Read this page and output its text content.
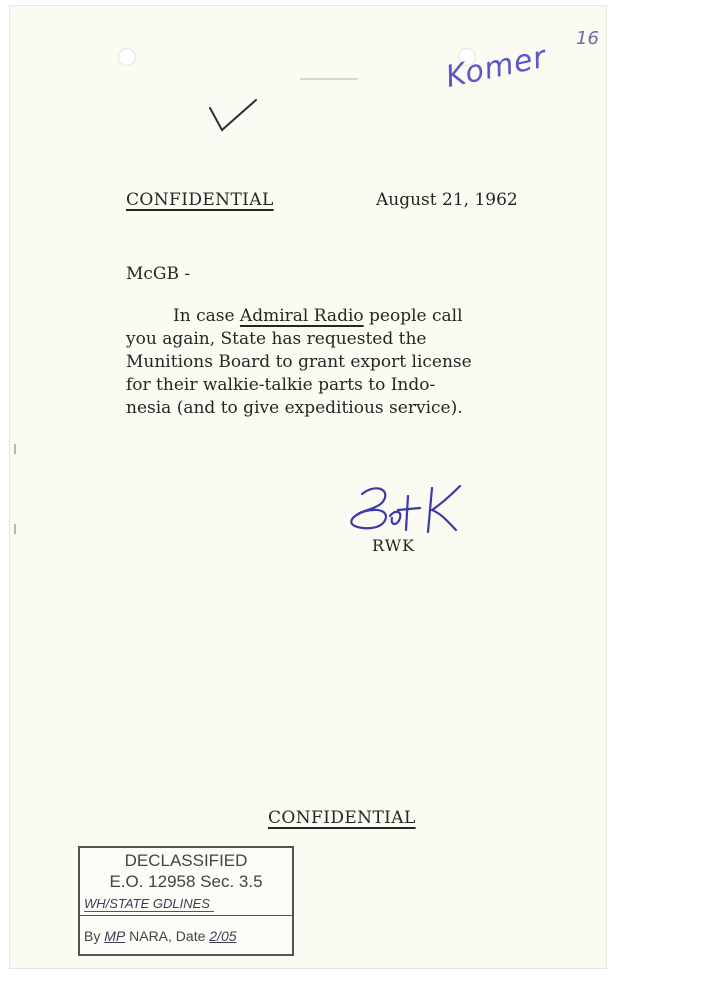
Komer
16
CONFIDENTIAL	August 21, 1962
McGB -
In case Admiral Radio people call
you again, State has requested the
Munitions Board to grant export license
for their walkie-talkie parts to Indo-
nesia (and to give expeditious service).
RWK
CONFIDENTIAL
DECLASSIFIED
E.O. 12958 Sec. 3.5
WH/STATE GDLINES
By MP NARA, Date 2/05
